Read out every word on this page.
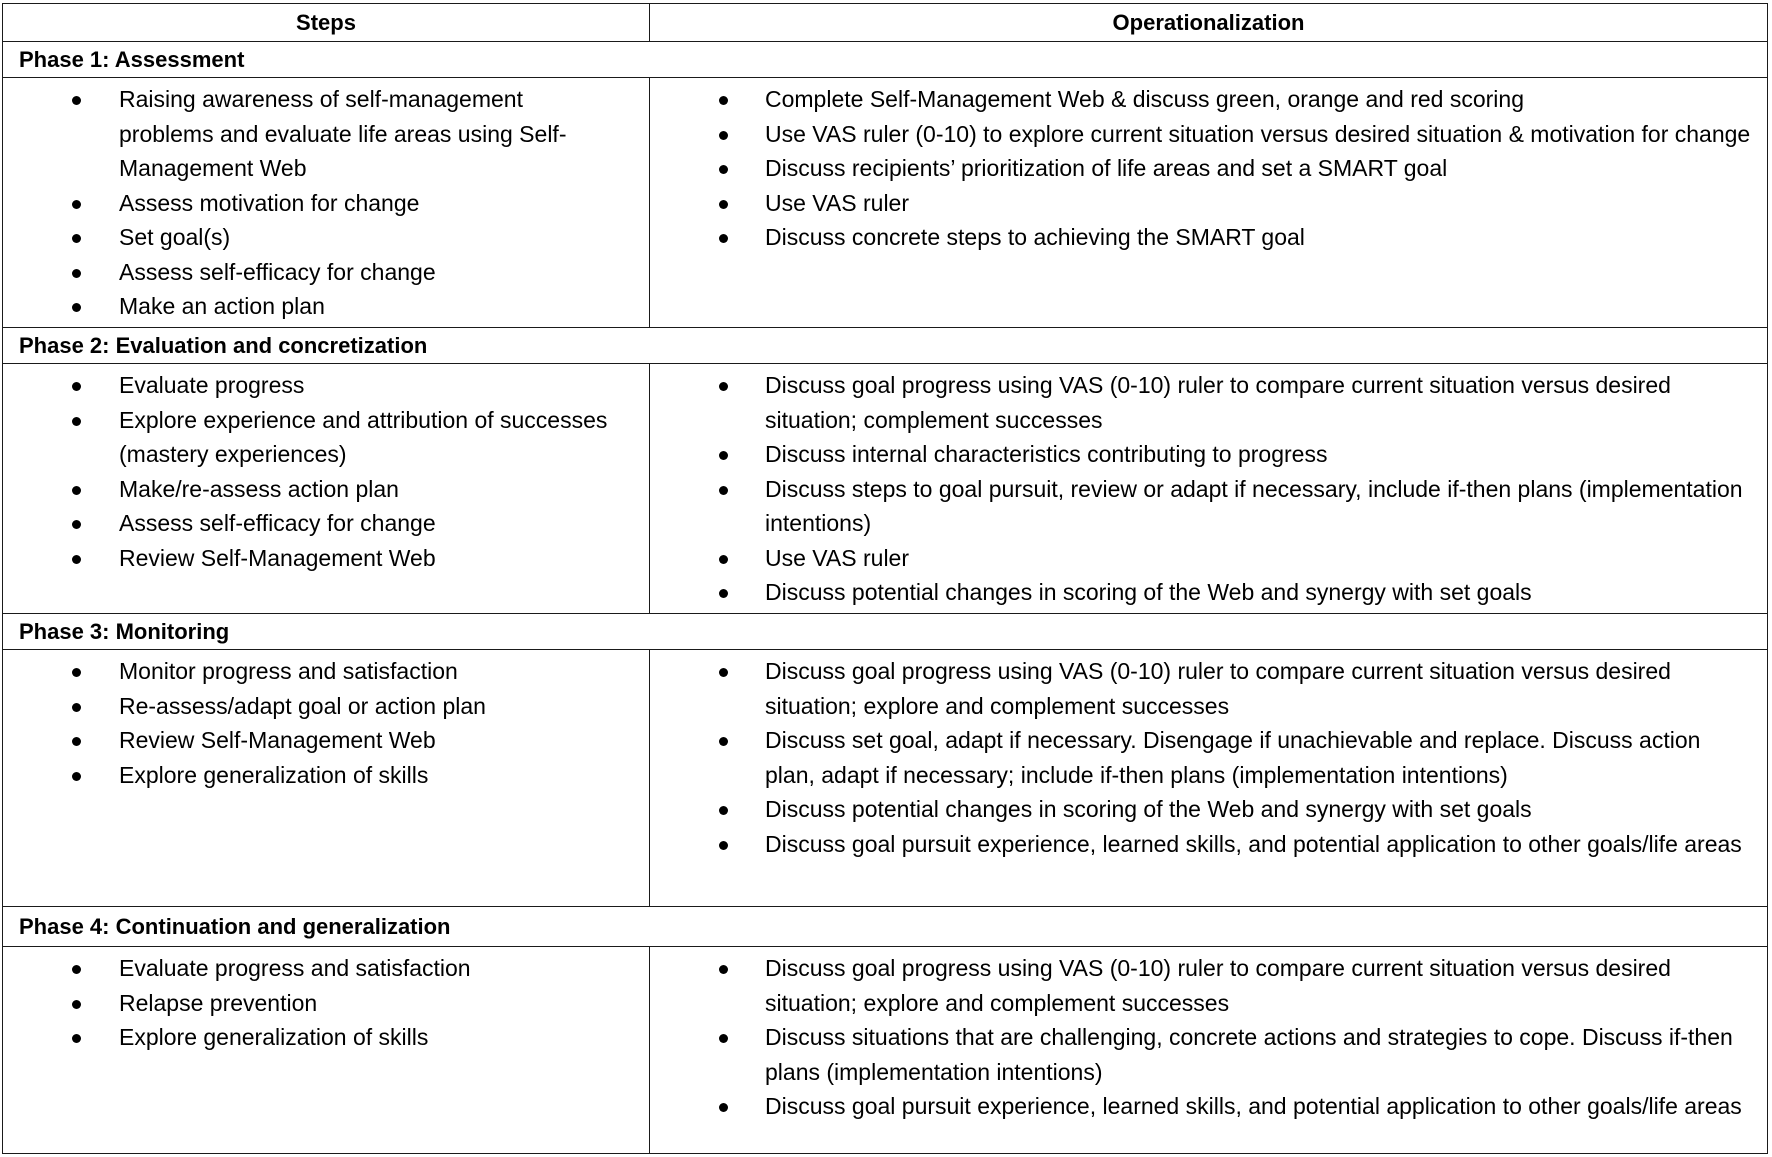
Steps	Operationalization
Phase 1: Assessment
Raising awareness of self-management problems and evaluate life areas using Self-Management Web
Assess motivation for change
Set goal(s)
Assess self-efficacy for change
Make an action plan
Complete Self-Management Web & discuss green, orange and red scoring
Use VAS ruler (0-10) to explore current situation versus desired situation & motivation for change
Discuss recipients’ prioritization of life areas and set a SMART goal
Use VAS ruler
Discuss concrete steps to achieving the SMART goal
Phase 2: Evaluation and concretization
Evaluate progress
Explore experience and attribution of successes (mastery experiences)
Make/re-assess action plan
Assess self-efficacy for change
Review Self-Management Web
Discuss goal progress using VAS (0-10) ruler to compare current situation versus desired situation; complement successes
Discuss internal characteristics contributing to progress
Discuss steps to goal pursuit, review or adapt if necessary, include if-then plans (implementation intentions)
Use VAS ruler
Discuss potential changes in scoring of the Web and synergy with set goals
Phase 3: Monitoring
Monitor progress and satisfaction
Re-assess/adapt goal or action plan
Review Self-Management Web
Explore generalization of skills
Discuss goal progress using VAS (0-10) ruler to compare current situation versus desired situation; explore and complement successes
Discuss set goal, adapt if necessary. Disengage if unachievable and replace. Discuss action plan, adapt if necessary; include if-then plans (implementation intentions)
Discuss potential changes in scoring of the Web and synergy with set goals
Discuss goal pursuit experience, learned skills, and potential application to other goals/life areas
Phase 4: Continuation and generalization
Evaluate progress and satisfaction
Relapse prevention
Explore generalization of skills
Discuss goal progress using VAS (0-10) ruler to compare current situation versus desired situation; explore and complement successes
Discuss situations that are challenging, concrete actions and strategies to cope. Discuss if-then plans (implementation intentions)
Discuss goal pursuit experience, learned skills, and potential application to other goals/life areas
